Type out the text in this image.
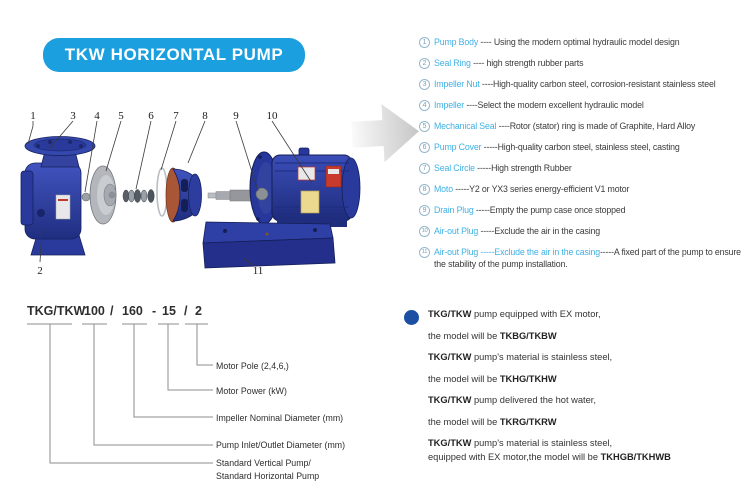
TKW HORIZONTAL PUMP
1	3 4 5 6 7 8 9	10
2	11
1 Pump Body ---- Using the modern optimal hydraulic model design
2 Seal Ring ---- high strength rubber parts
3 Impeller Nut ----High-quality carbon steel, corrosion-resistant stainless steel
4 Impeller ----Select the modern excellent hydraulic model
5 Mechanical Seal ----Rotor (stator) ring is made of Graphite, Hard Alloy
6 Pump Cover -----High-quality carbon steel, stainless steel, casting
7 Seal Circle -----High strength Rubber
8 Moto -----Y2 or YX3 series energy-efficient V1 motor
9 Drain Plug -----Empty the pump case once stopped
10 Air-out Plug -----Exclude the air in the casing
11 Air-out Plug -----Exclude the air in the casing-----A fixed part of the pump to ensure the stability of the pump installation.
TKG/TKW
100 / 160 - 15 / 2
Motor Pole (2,4,6,)
Motor Power (kW)
Impeller Nominal Diameter (mm)
Pump Inlet/Outlet Diameter (mm)
Standard Vertical Pump/
Standard Horizontal Pump
TKG/TKW pump equipped with EX motor,
the model will be TKBG/TKBW
TKG/TKW pump's material is stainless steel,
the model will be TKHG/TKHW
TKG/TKW pump delivered the hot water,
the model will be TKRG/TKRW
TKG/TKW pump's material is stainless steel,
equipped with EX motor,the model will be TKHGB/TKHWB
